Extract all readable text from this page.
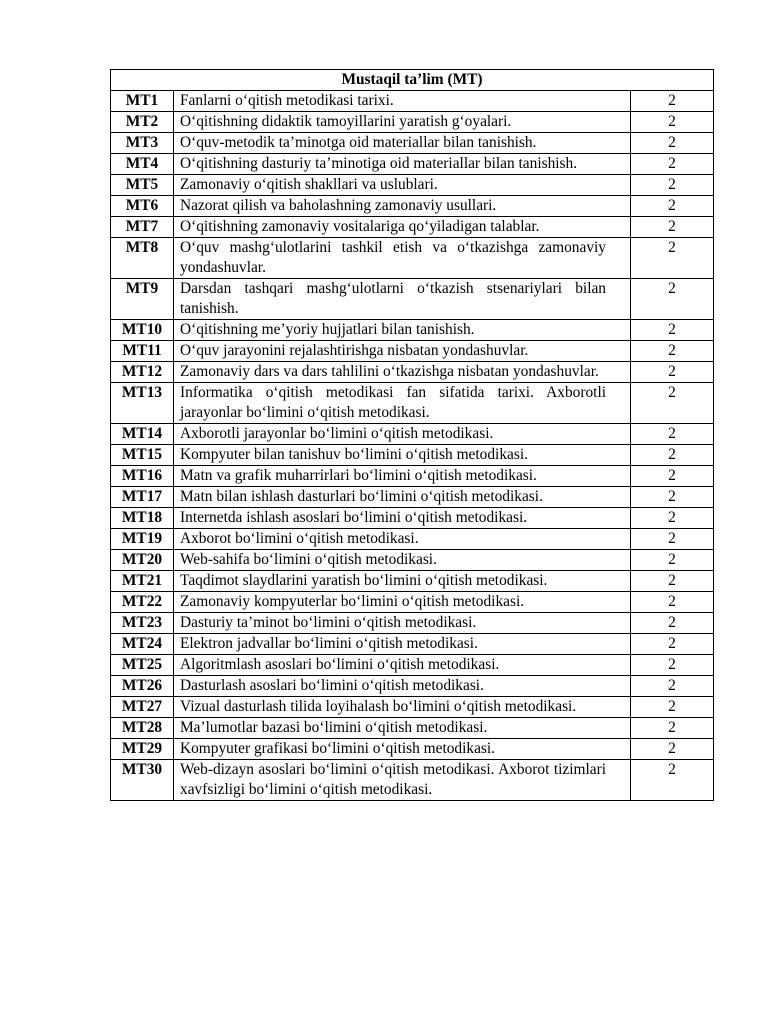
Mustaqil ta’lim (MT)		
MT1	Fanlarni o‘qitish metodikasi tarixi.	2
MT2	O‘qitishning didaktik tamoyillarini yaratish g‘oyalari.	2
MT3	O‘quv-metodik ta’minotga oid materiallar bilan tanishish.	2
MT4	O‘qitishning dasturiy ta’minotiga oid materiallar bilan tanishish.	2
MT5	Zamonaviy o‘qitish shakllari va uslublari.	2
MT6	Nazorat qilish va baholashning zamonaviy usullari.	2
MT7	O‘qitishning zamonaviy vositalariga qo‘yiladigan talablar.	2
MT8	O‘quv mashg‘ulotlarini tashkil etish va o‘tkazishga zamonaviy yondashuvlar.	2
MT9	Darsdan tashqari mashg‘ulotlarni o‘tkazish stsenariylari bilan tanishish.	2
MT10	O‘qitishning me’yoriy hujjatlari bilan tanishish.	2
MT11	O‘quv jarayonini rejalashtirishga nisbatan yondashuvlar.	2
MT12	Zamonaviy dars va dars tahlilini o‘tkazishga nisbatan yondashuvlar.	2
MT13	Informatika o‘qitish metodikasi fan sifatida tarixi. Axborotli jarayonlar bo‘limini o‘qitish metodikasi.	2
MT14	Axborotli jarayonlar bo‘limini o‘qitish metodikasi.	2
MT15	Kompyuter bilan tanishuv bo‘limini o‘qitish metodikasi.	2
MT16	Matn va grafik muharrirlari bo‘limini o‘qitish metodikasi.	2
MT17	Matn bilan ishlash dasturlari bo‘limini o‘qitish metodikasi.	2
MT18	Internetda ishlash asoslari bo‘limini o‘qitish metodikasi.	2
MT19	Axborot bo‘limini o‘qitish metodikasi.	2
MT20	Web-sahifa bo‘limini o‘qitish metodikasi.	2
MT21	Taqdimot slaydlarini yaratish bo‘limini o‘qitish metodikasi.	2
MT22	Zamonaviy kompyuterlar bo‘limini o‘qitish metodikasi.	2
MT23	Dasturiy ta’minot bo‘limini o‘qitish metodikasi.	2
MT24	Elektron jadvallar bo‘limini o‘qitish metodikasi.	2
MT25	Algoritmlash asoslari bo‘limini o‘qitish metodikasi.	2
MT26	Dasturlash asoslari bo‘limini o‘qitish metodikasi.	2
MT27	Vizual dasturlash tilida loyihalash bo‘limini o‘qitish metodikasi.	2
MT28	Ma’lumotlar bazasi bo‘limini o‘qitish metodikasi.	2
MT29	Kompyuter grafikasi bo‘limini o‘qitish metodikasi.	2
MT30	Web-dizayn asoslari bo‘limini o‘qitish metodikasi. Axborot tizimlari xavfsizligi bo‘limini o‘qitish metodikasi.	2
